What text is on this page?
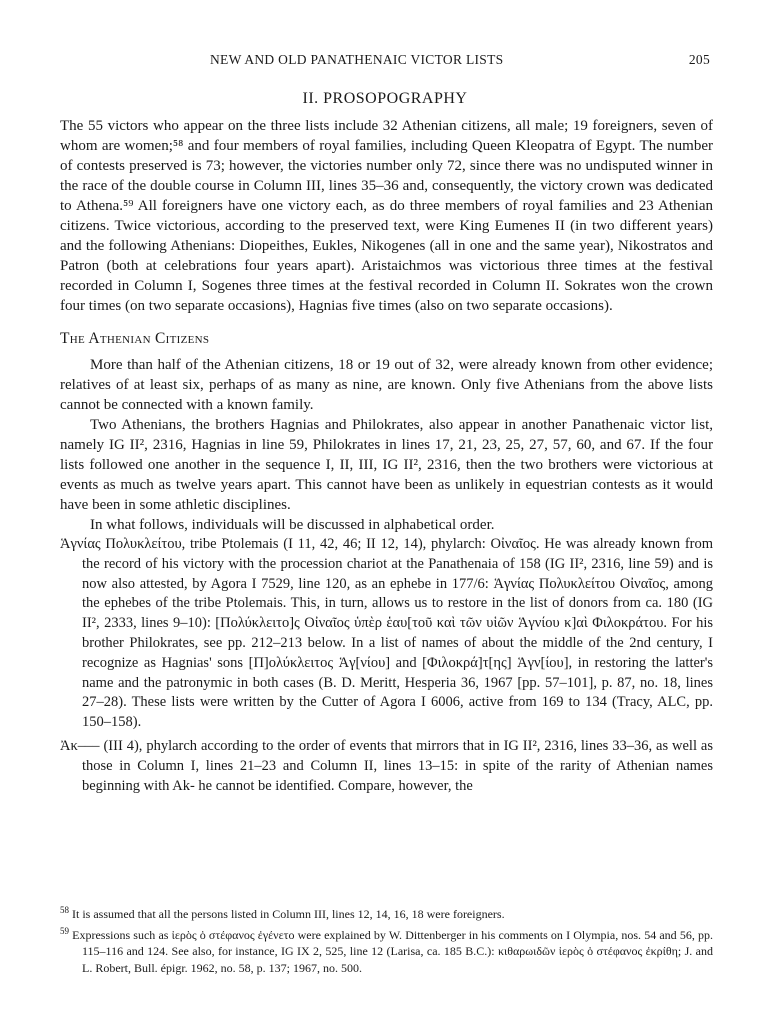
NEW AND OLD PANATHENAIC VICTOR LISTS	205
II. PROSOPOGRAPHY

The 55 victors who appear on the three lists include 32 Athenian citizens, all male; 19 foreigners, seven of whom are women;⁵⁸ and four members of royal families, including Queen Kleopatra of Egypt. The number of contests preserved is 73; however, the victories number only 72, since there was no undisputed winner in the race of the double course in Column III, lines 35–36 and, consequently, the victory crown was dedicated to Athena.⁵⁹ All foreigners have one victory each, as do three members of royal families and 23 Athenian citizens. Twice victorious, according to the preserved text, were King Eumenes II (in two different years) and the following Athenians: Diopeithes, Eukles, Nikogenes (all in one and the same year), Nikostratos and Patron (both at celebrations four years apart). Aristaichmos was victorious three times at the festival recorded in Column I, Sogenes three times at the festival recorded in Column II. Sokrates won the crown four times (on two separate occasions), Hagnias five times (also on two separate occasions).

The Athenian Citizens

More than half of the Athenian citizens, 18 or 19 out of 32, were already known from other evidence; relatives of at least six, perhaps of as many as nine, are known. Only five Athenians from the above lists cannot be connected with a known family.

Two Athenians, the brothers Hagnias and Philokrates, also appear in another Panathenaic victor list, namely IG II², 2316, Hagnias in line 59, Philokrates in lines 17, 21, 23, 25, 27, 57, 60, and 67. If the four lists followed one another in the sequence I, II, III, IG II², 2316, then the two brothers were victorious at events as much as twelve years apart. This cannot have been as unlikely in equestrian contests as it would have been in some athletic disciplines.

In what follows, individuals will be discussed in alphabetical order.

Ἁγνίας Πολυκλείτου, tribe Ptolemais (I 11, 42, 46; II 12, 14), phylarch: Οἰναῖος. He was already known from the record of his victory with the procession chariot at the Panathenaia of 158 (IG II², 2316, line 59) and is now also attested, by Agora I 7529, line 120, as an ephebe in 177/6: Ἁγνίας Πολυκλείτου Οἰναῖος, among the ephebes of the tribe Ptolemais. This, in turn, allows us to restore in the list of donors from ca. 180 (IG II², 2333, lines 9–10): [Πολύκλειτο]ς Οἰναῖος ὑπὲρ ἑαυ[τοῦ καὶ τῶν υἱῶν Ἁγνίου κ]αὶ Φιλοκράτου. For his brother Philokrates, see pp. 212–213 below. In a list of names of about the middle of the 2nd century, I recognize as Hagnias' sons [Π]ολύκλειτος Ἁγ[νίου] and [Φιλοκρά]τ[ης] Ἁγν[ίου], in restoring the latter's name and the patronymic in both cases (B. D. Meritt, Hesperia 36, 1967 [pp. 57–101], p. 87, no. 18, lines 27–28). These lists were written by the Cutter of Agora I 6006, active from 169 to 134 (Tracy, ALC, pp. 150–158).

Ἀκ––– (III 4), phylarch according to the order of events that mirrors that in IG II², 2316, lines 33–36, as well as those in Column I, lines 21–23 and Column II, lines 13–15: in spite of the rarity of Athenian names beginning with Ak- he cannot be identified. Compare, however, the

$^{58}$ It is assumed that all the persons listed in Column III, lines 12, 14, 16, 18 were foreigners.

$^{59}$ Expressions such as ἱερὸς ὁ στέφανος ἐγένετο were explained by W. Dittenberger in his comments on I Olympia, nos. 54 and 56, pp. 115–116 and 124. See also, for instance, IG IX 2, 525, line 12 (Larisa, ca. 185 B.C.): κιθαρωιδῶν ἱερὸς ὁ στέφανος ἐκρίθη; J. and L. Robert, Bull. épigr. 1962, no. 58, p. 137; 1967, no. 500.
